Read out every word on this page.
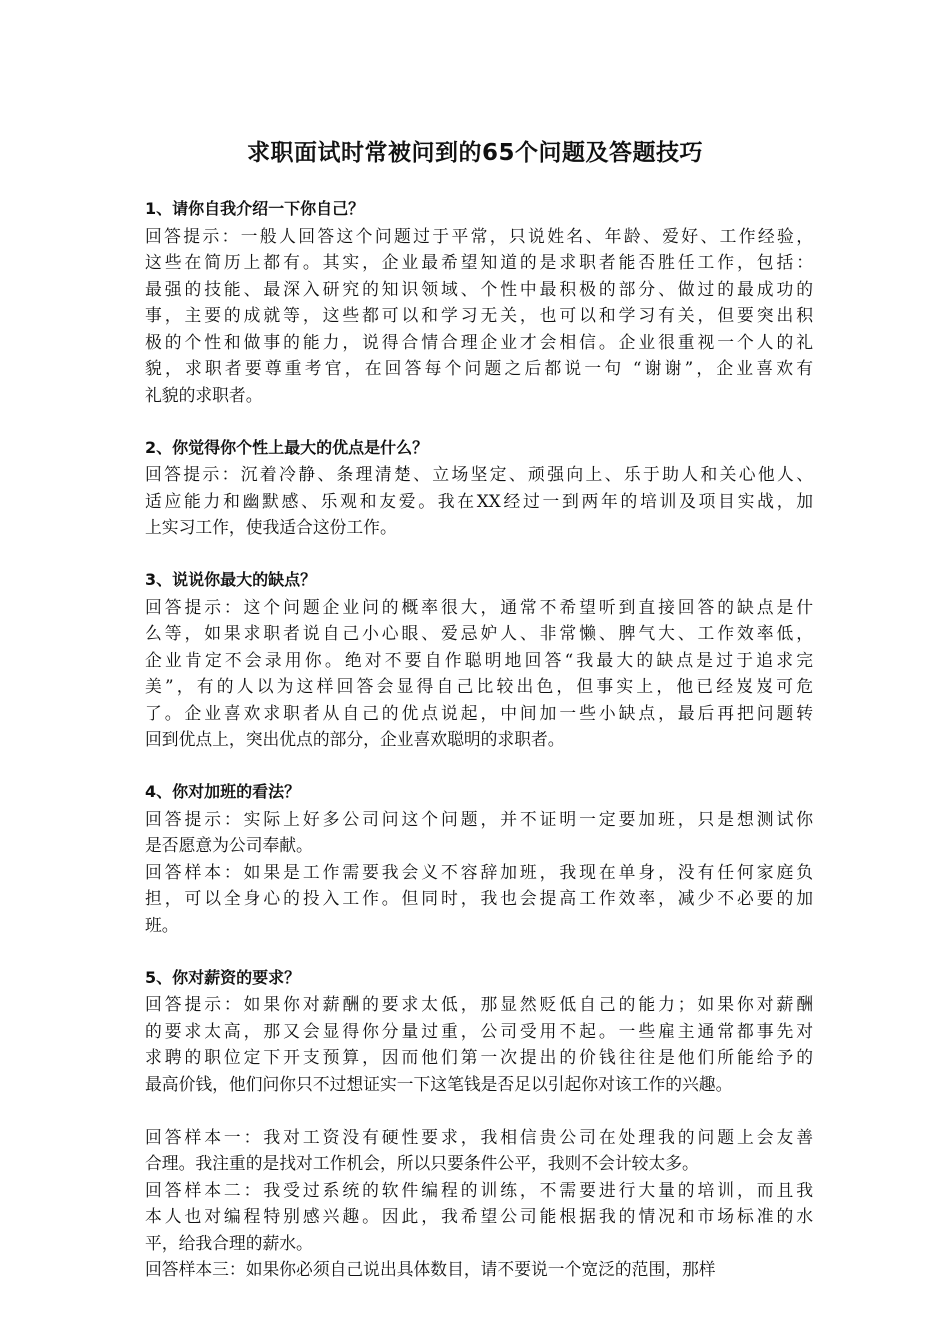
求职面试时常被问到的65个问题及答题技巧
1、请你自我介绍一下你自己？
回答提示：一般人回答这个问题过于平常，只说姓名、年龄、爱好、工作经验，
这些在简历上都有。其实，企业最希望知道的是求职者能否胜任工作，包括：
最强的技能、最深入研究的知识领域、个性中最积极的部分、做过的最成功的
事，主要的成就等，这些都可以和学习无关，也可以和学习有关，但要突出积
极的个性和做事的能力，说得合情合理企业才会相信。企业很重视一个人的礼
貌，求职者要尊重考官，在回答每个问题之后都说一句 “谢谢”，企业喜欢有
礼貌的求职者。
2、你觉得你个性上最大的优点是什么？
回答提示：沉着冷静、条理清楚、立场坚定、顽强向上、乐于助人和关心他人、
适应能力和幽默感、乐观和友爱。我在XX经过一到两年的培训及项目实战，加
上实习工作，使我适合这份工作。
3、说说你最大的缺点？
回答提示：这个问题企业问的概率很大，通常不希望听到直接回答的缺点是什
么等，如果求职者说自己小心眼、爱忌妒人、非常懒、脾气大、工作效率低，
企业肯定不会录用你。绝对不要自作聪明地回答“我最大的缺点是过于追求完
美”，有的人以为这样回答会显得自己比较出色，但事实上，他已经岌岌可危
了。企业喜欢求职者从自己的优点说起，中间加一些小缺点，最后再把问题转
回到优点上，突出优点的部分，企业喜欢聪明的求职者。
4、你对加班的看法？
回答提示：实际上好多公司问这个问题，并不证明一定要加班，只是想测试你
是否愿意为公司奉献。
回答样本：如果是工作需要我会义不容辞加班，我现在单身，没有任何家庭负
担，可以全身心的投入工作。但同时，我也会提高工作效率，减少不必要的加
班。
5、你对薪资的要求？
回答提示：如果你对薪酬的要求太低，那显然贬低自己的能力；如果你对薪酬
的要求太高，那又会显得你分量过重，公司受用不起。一些雇主通常都事先对
求聘的职位定下开支预算，因而他们第一次提出的价钱往往是他们所能给予的
最高价钱，他们问你只不过想证实一下这笔钱是否足以引起你对该工作的兴趣。
回答样本一：我对工资没有硬性要求，我相信贵公司在处理我的问题上会友善
合理。我注重的是找对工作机会，所以只要条件公平，我则不会计较太多。
回答样本二：我受过系统的软件编程的训练，不需要进行大量的培训，而且我
本人也对编程特别感兴趣。因此，我希望公司能根据我的情况和市场标准的水
平，给我合理的薪水。
回答样本三：如果你必须自己说出具体数目，请不要说一个宽泛的范围，那样
